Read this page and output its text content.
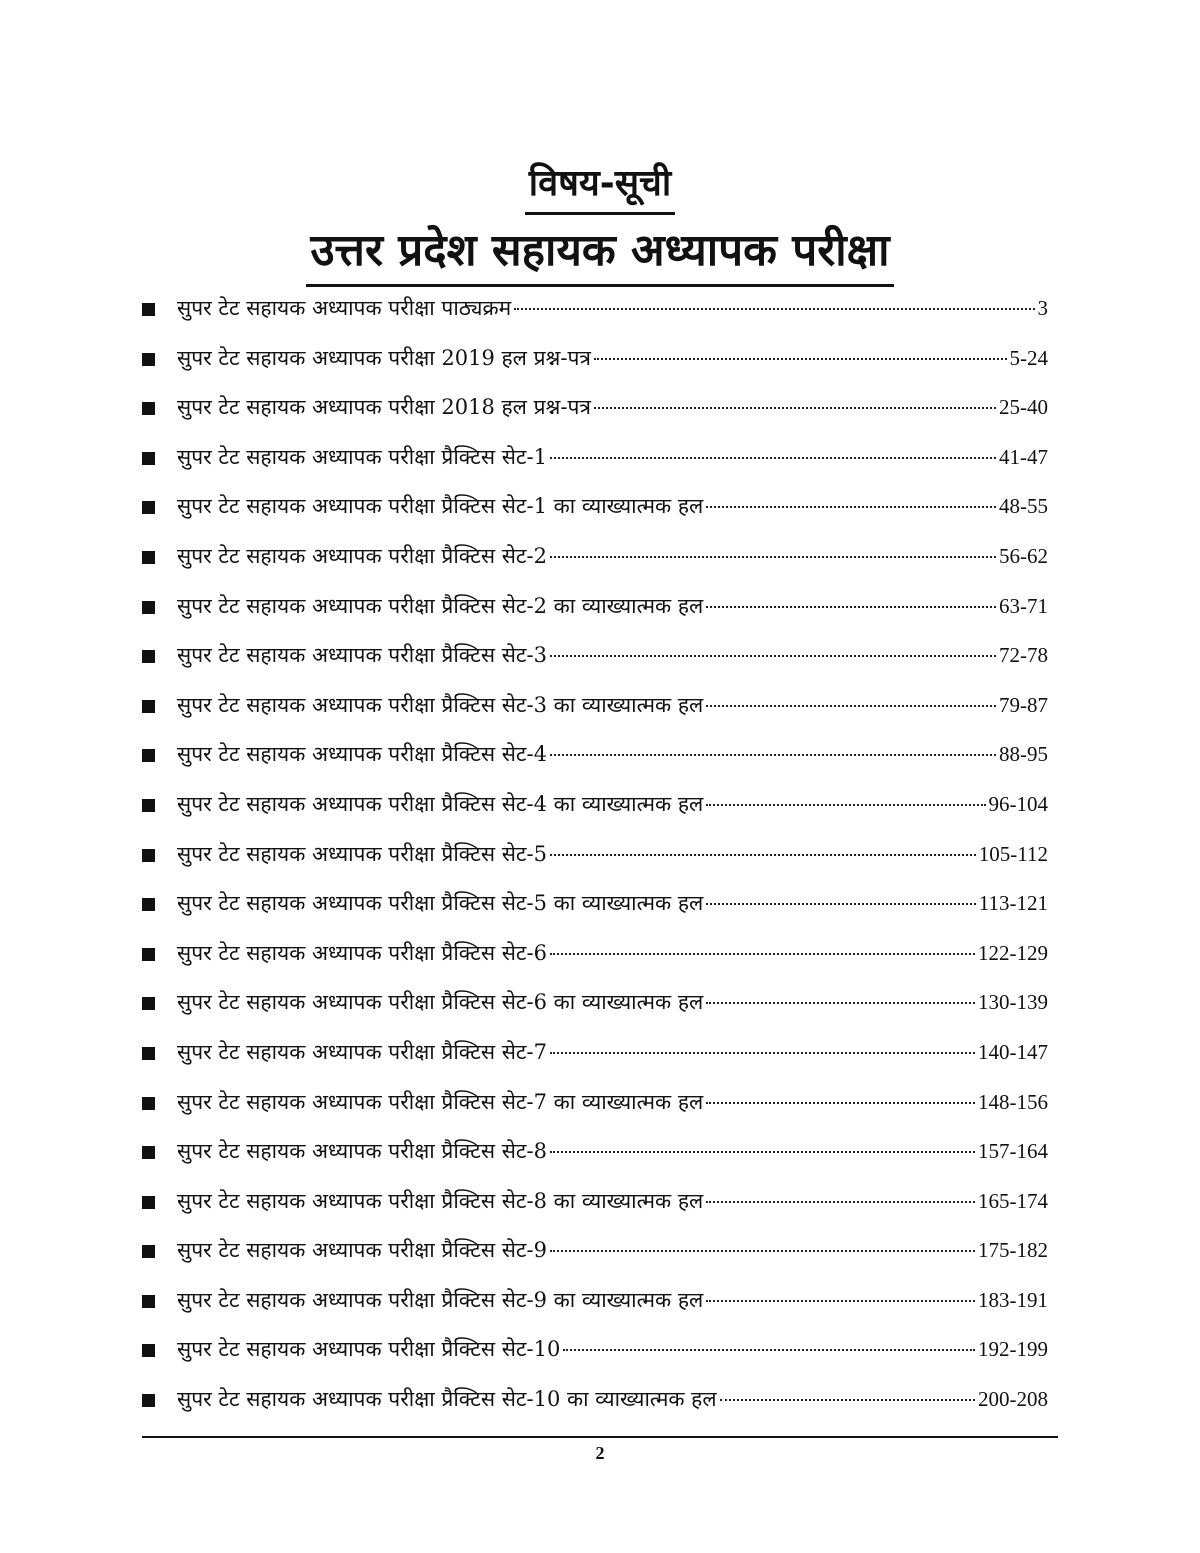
विषय-सूची
उत्तर प्रदेश सहायक अध्यापक परीक्षा
सुपर टेट सहायक अध्यापक परीक्षा पाठ्यक्रम	3
सुपर टेट सहायक अध्यापक परीक्षा 2019 हल प्रश्न-पत्र	5-24
सुपर टेट सहायक अध्यापक परीक्षा 2018 हल प्रश्न-पत्र	25-40
सुपर टेट सहायक अध्यापक परीक्षा प्रैक्टिस सेट-1	41-47
सुपर टेट सहायक अध्यापक परीक्षा प्रैक्टिस सेट-1 का व्याख्यात्मक हल	48-55
सुपर टेट सहायक अध्यापक परीक्षा प्रैक्टिस सेट-2	56-62
सुपर टेट सहायक अध्यापक परीक्षा प्रैक्टिस सेट-2 का व्याख्यात्मक हल	63-71
सुपर टेट सहायक अध्यापक परीक्षा प्रैक्टिस सेट-3	72-78
सुपर टेट सहायक अध्यापक परीक्षा प्रैक्टिस सेट-3 का व्याख्यात्मक हल	79-87
सुपर टेट सहायक अध्यापक परीक्षा प्रैक्टिस सेट-4	88-95
सुपर टेट सहायक अध्यापक परीक्षा प्रैक्टिस सेट-4 का व्याख्यात्मक हल	96-104
सुपर टेट सहायक अध्यापक परीक्षा प्रैक्टिस सेट-5	105-112
सुपर टेट सहायक अध्यापक परीक्षा प्रैक्टिस सेट-5 का व्याख्यात्मक हल	113-121
सुपर टेट सहायक अध्यापक परीक्षा प्रैक्टिस सेट-6	122-129
सुपर टेट सहायक अध्यापक परीक्षा प्रैक्टिस सेट-6 का व्याख्यात्मक हल	130-139
सुपर टेट सहायक अध्यापक परीक्षा प्रैक्टिस सेट-7	140-147
सुपर टेट सहायक अध्यापक परीक्षा प्रैक्टिस सेट-7 का व्याख्यात्मक हल	148-156
सुपर टेट सहायक अध्यापक परीक्षा प्रैक्टिस सेट-8	157-164
सुपर टेट सहायक अध्यापक परीक्षा प्रैक्टिस सेट-8 का व्याख्यात्मक हल	165-174
सुपर टेट सहायक अध्यापक परीक्षा प्रैक्टिस सेट-9	175-182
सुपर टेट सहायक अध्यापक परीक्षा प्रैक्टिस सेट-9 का व्याख्यात्मक हल	183-191
सुपर टेट सहायक अध्यापक परीक्षा प्रैक्टिस सेट-10	192-199
सुपर टेट सहायक अध्यापक परीक्षा प्रैक्टिस सेट-10 का व्याख्यात्मक हल	200-208
2
